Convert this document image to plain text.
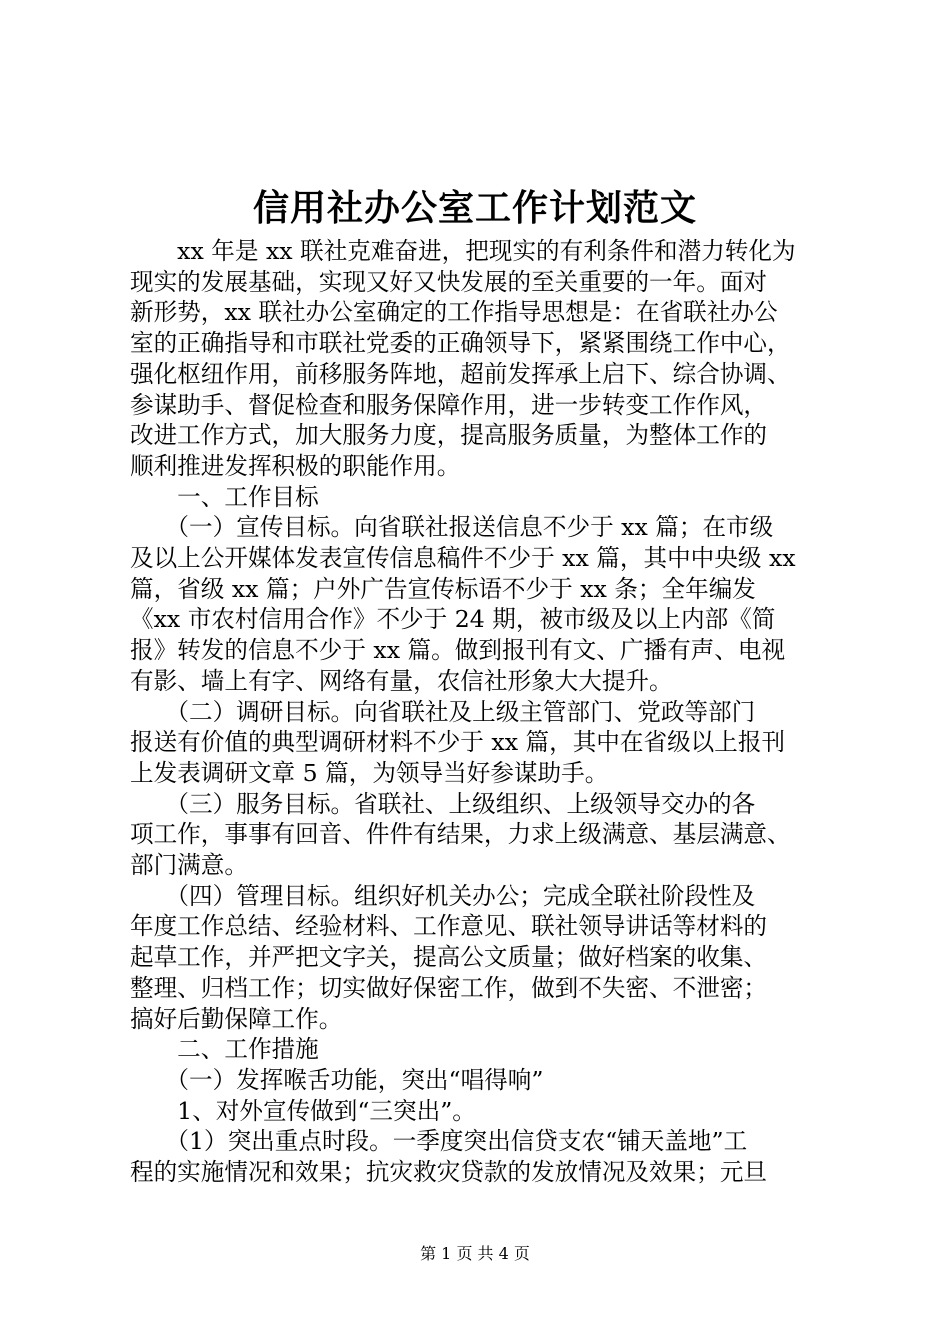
信用社办公室工作计划范文
　　xx 年是 xx 联社克难奋进，把现实的有利条件和潜力转化为
现实的发展基础，实现又好又快发展的至关重要的一年。面对
新形势，xx 联社办公室确定的工作指导思想是：在省联社办公
室的正确指导和市联社党委的正确领导下，紧紧围绕工作中心，
强化枢纽作用，前移服务阵地，超前发挥承上启下、综合协调、
参谋助手、督促检查和服务保障作用，进一步转变工作作风，
改进工作方式，加大服务力度，提高服务质量，为整体工作的
顺利推进发挥积极的职能作用。
　　一、工作目标
　　（一）宣传目标。向省联社报送信息不少于 xx 篇；在市级
及以上公开媒体发表宣传信息稿件不少于 xx 篇，其中中央级 xx
篇，省级 xx 篇；户外广告宣传标语不少于 xx 条；全年编发
《xx 市农村信用合作》不少于 24 期，被市级及以上内部《简
报》转发的信息不少于 xx 篇。做到报刊有文、广播有声、电视
有影、墙上有字、网络有量，农信社形象大大提升。
　　（二）调研目标。向省联社及上级主管部门、党政等部门
报送有价值的典型调研材料不少于 xx 篇，其中在省级以上报刊
上发表调研文章 5 篇，为领导当好参谋助手。
　　（三）服务目标。省联社、上级组织、上级领导交办的各
项工作，事事有回音、件件有结果，力求上级满意、基层满意、
部门满意。
　　（四）管理目标。组织好机关办公；完成全联社阶段性及
年度工作总结、经验材料、工作意见、联社领导讲话等材料的
起草工作，并严把文字关，提高公文质量；做好档案的收集、
整理、归档工作；切实做好保密工作，做到不失密、不泄密；
搞好后勤保障工作。
　　二、工作措施
　　（一）发挥喉舌功能，突出“唱得响”
　　1、对外宣传做到“三突出”。
　　（1）突出重点时段。一季度突出信贷支农“铺天盖地”工
程的实施情况和效果；抗灾救灾贷款的发放情况及效果；元旦
第 1 页 共 4 页
